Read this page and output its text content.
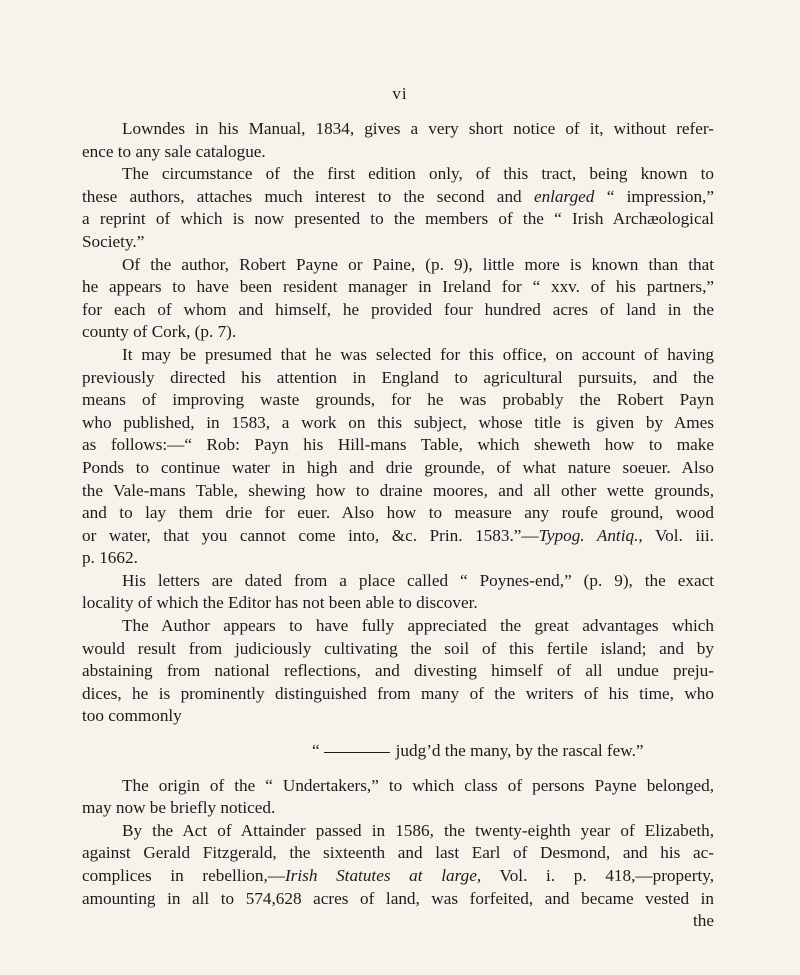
vi
Lowndes in his Manual, 1834, gives a very short notice of it, without refer-
ence to any sale catalogue.
The circumstance of the first edition only, of this tract, being known to
these authors, attaches much interest to the second and enlarged “ impression,”
a reprint of which is now presented to the members of the “ Irish Archæological
Society.”
Of the author, Robert Payne or Paine, (p. 9), little more is known than that
he appears to have been resident manager in Ireland for “ xxv. of his partners,”
for each of whom and himself, he provided four hundred acres of land in the
county of Cork, (p. 7).
It may be presumed that he was selected for this office, on account of having
previously directed his attention in England to agricultural pursuits, and the
means of improving waste grounds, for he was probably the Robert Payn
who published, in 1583, a work on this subject, whose title is given by Ames
as follows:—“ Rob: Payn his Hill-mans Table, which sheweth how to make
Ponds to continue water in high and drie grounde, of what nature soeuer. Also
the Vale-mans Table, shewing how to draine moores, and all other wette grounds,
and to lay them drie for euer. Also how to measure any roufe ground, wood
or water, that you cannot come into, &c. Prin. 1583.”—Typog. Antiq., Vol. iii.
p. 1662.
His letters are dated from a place called “ Poynes-end,” (p. 9), the exact
locality of which the Editor has not been able to discover.
The Author appears to have fully appreciated the great advantages which
would result from judiciously cultivating the soil of this fertile island; and by
abstaining from national reflections, and divesting himself of all undue preju-
dices, he is prominently distinguished from many of the writers of his time, who
too commonly
“	judg’d the many, by the rascal few.”
The origin of the “ Undertakers,” to which class of persons Payne belonged,
may now be briefly noticed.
By the Act of Attainder passed in 1586, the twenty-eighth year of Elizabeth,
against Gerald Fitzgerald, the sixteenth and last Earl of Desmond, and his ac-
complices in rebellion,—Irish Statutes at large, Vol. i. p. 418,—property,
amounting in all to 574,628 acres of land, was forfeited, and became vested in
the
